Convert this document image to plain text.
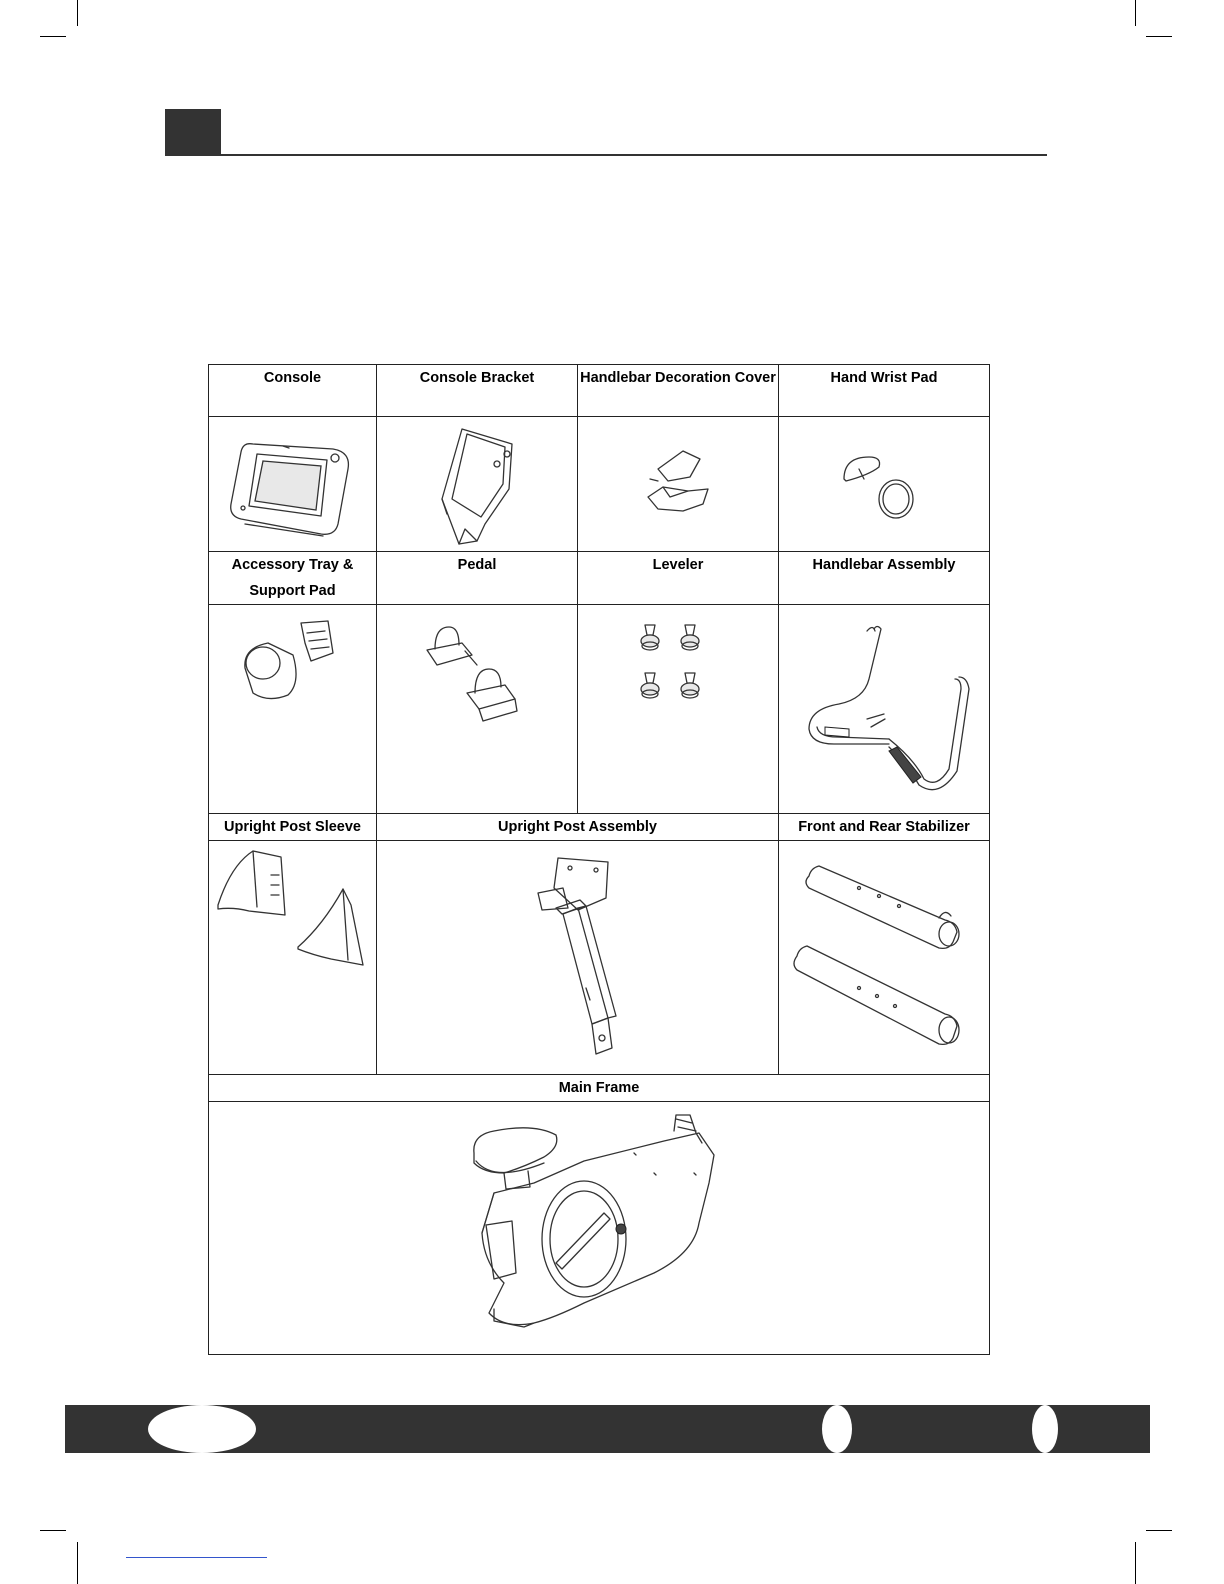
Console	Console Bracket	Handlebar Decoration Cover	Hand Wrist Pad

Accessory Tray & Support Pad	Pedal	Leveler	Handlebar Assembly

Upright Post Sleeve	Upright Post Assembly		Front and Rear Stabilizer

Main Frame			
